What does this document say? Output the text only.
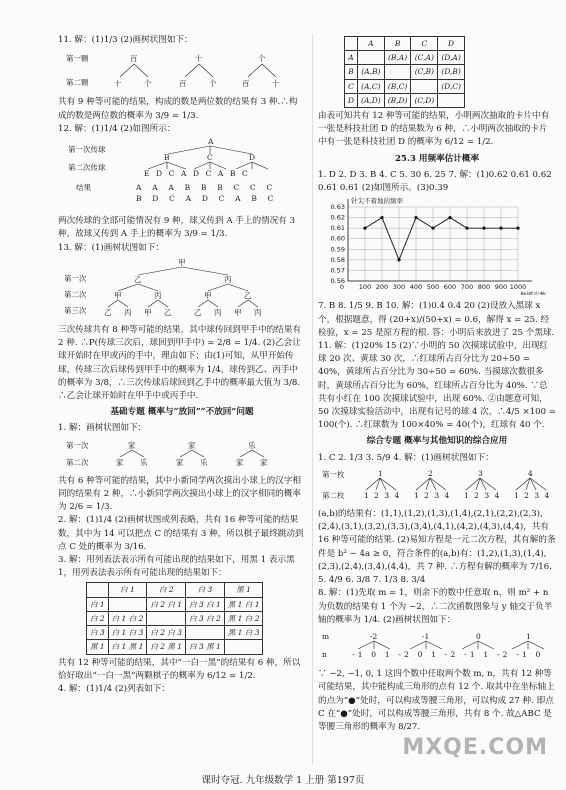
11. 解：(1)1/3 (2)画树状图如下：

第一颗
第二颗
百	十	个
十	个	百	个	百	十

共有 9 种等可能的结果，构成的数是两位数的结果有 3 种.∴构成的数是两位数的概率为 3/9 = 1/3.

12. 解：(1)1/4 (2)如图所示：

第一次传球
第二次传球
结果
A
B	C	D
E D C A D C A B C
A A A B B B C C C
B D C A D C A B C

两次传球的全部可能情况有 9 种，球又传到 A 手上的情况有 3 种，故球又传到 A 手上的概率为 3/9 = 1/3.

13. 解：(1)画树状图如下：

甲
第一次
第二次
第三次
乙	丙
甲	丙	甲	乙
乙 丙 甲 乙	乙 丙 甲 丙

三次传球共有 8 种等可能的结果，其中球传回到甲手中的结果有 2 种. ∴P(传球三次后，球回到甲手中) = 2/8 = 1/4. (2)乙会让球开始时在甲或丙的手中，理由如下：由(1)可知，从甲开始传球，传球三次后球传到甲手中的概率为 1/4，球传到乙、丙手中的概率为 3/8，∴三次传球后球回到乙手中的概率最大值为 3/8. ∴乙会让球开始时在甲手中或丙手中.

基础专题 概率与“放回”“不放回”问题

1. 解：画树状图如下：

第一次
第二次
家	家	乐
家 乐	家 乐	家 家

共有 6 种等可能的结果，其中小新同学两次摸出小球上的汉字相同的结果有 2 种，∴小新同学两次摸出小球上的汉字相同的概率为 2/6 = 1/3.

2. 解：(1)1/4 (2)画树状图或列表略，共有 16 种等可能的结果数，其中为 14 可以把点 C 的结果有 3 种，所以棋子最终跳动到点 C 处的概率为 3/16.

3. 解：用列表法表示所有可能出现的结果如下，用黑 1 表示黑 1，用列表法表示所有可能出现的结果如下：

	白 1	白 2	白 3	黑 1
白 1		白 2 白 1	白 3 白 1	黑 1 白 1
白 2	白 1 白 2		白 3 白 2	黑 1 白 2
白 3	白 1 白 3	白 2 白 3		黑 1 白 3
黑 1	白 1 黑 1	白 2 黑 1	白 3 黑 1	

共有 12 种等可能的结果，其中“一白一黑”的结果有 6 种，所以恰好取出“一白一黑”两颗棋子的概率为 6/12 = 1/2.

4. 解：(1)1/4 (2)列表如下：

	A	B	C	D
A		(B,A)	(C,A)	(D,A)
B	(A,B)		(C,B)	(D,B)
C	(A,C)	(B,C)		(D,C)
D	(A,D)	(B,D)	(C,D)	

由表可知共有 12 种等可能的结果，小明两次抽取的卡片中有一张是科技社团 D 的结果数为 6 种，∴小明两次抽取的卡片中有一张是科技社团 D 的概率为 6/12 = 1/2.

25.3 用频率估计概率

1. D 2. D 3. B 4. C 5. 30 6. 25 7. 解：(1)0.62 0.61 0.62 0.61 0.61 (2)如图所示。(3)0.39

0.63
0.62
0.61
0.60
0.59
0.58
0.57
0.56
100 200 300 400 500 600 700 800 900 1000
0
针尖不着地的频率
抛掷次数

7. B 8. 1/5 9. B 10. 解：(1)0.4 0.4 20 (2)设放入黑球 x 个，根据题意，得 (20+x)/(50+x) = 0.6，解得 x = 25. 经检验，x = 25 是原方程的根. 答：小明后来放进了 25 个黑球. 11. 解：(1)20% 15 (2)∵小明的 50 次摸球试验中，出现红球 20 次、黄球 30 次，∴红球所占百分比为 20÷50 = 40%，黄球所占百分比为 30÷50 = 60%. 当摸球次数很多时，黄球所占百分比为 60%，红球所占百分比为 40%. ∵总共有小红在 100 次摸球试验中，出现 60%. ②由题意可知，50 次摸球实验活动中，出现有记号的球 4 次，∴4/5 ×100 = 100(个). ∴红球数为 100×40% = 40(个)，红球有 40 个.

综合专题 概率与其他知识的综合应用

1. C 2. 1/3 3. 5/9 4. 解：(1)画树状图如下：

第一枚
第二枚
1	2	3	4
1234 1234 1234 1234

(a,b)的结果有：(1,1),(1,2),(1,3),(1,4),(2,1),(2,2),(2,3),(2,4),(3,1),(3,2),(3,3),(3,4),(4,1),(4,2),(4,3),(4,4)，共有 16 种等可能的结果. (2)易知方程是一元二次方程，其有解的条件是 b² − 4a ≥ 0，符合条件的(a,b)有：(1,2),(1,3),(1,4),(2,3),(2,4),(3,4),(4,4)，共 7 种. ∴方程有解的概率为 7/16.

5. 4/9 6. 3/8 7. 1/3 8. 3/4

8. 解：(1)先取 m = 1，则余下的数中任意取 n，则 m² + n 为负数的结果有 1 个为 −2，∴二次函数图象与 y 轴交于负半轴的概率为 1/4. (2)画树状图如下：

m
n
-2	-1	0	1
-1 0 1 -2 0 1 -2 -1 1 -2 -1 0

∵ −2, −1, 0, 1 这四个数中任取两个数 m, n，共有 12 种等可能结果，其中能构成三角形的点有 12 个. 取其中在坐标轴上的点为“●”处时，可以构成等腰三角形，可以构成 27 种. 即点 C 在“●”处时，可以构成等腰三角形，共有 8 个. 故△ABC 是等腰三角形的概率为 8/27.

MXQE.COM
课时夺冠. 九年级数学 1 上册 第197页
